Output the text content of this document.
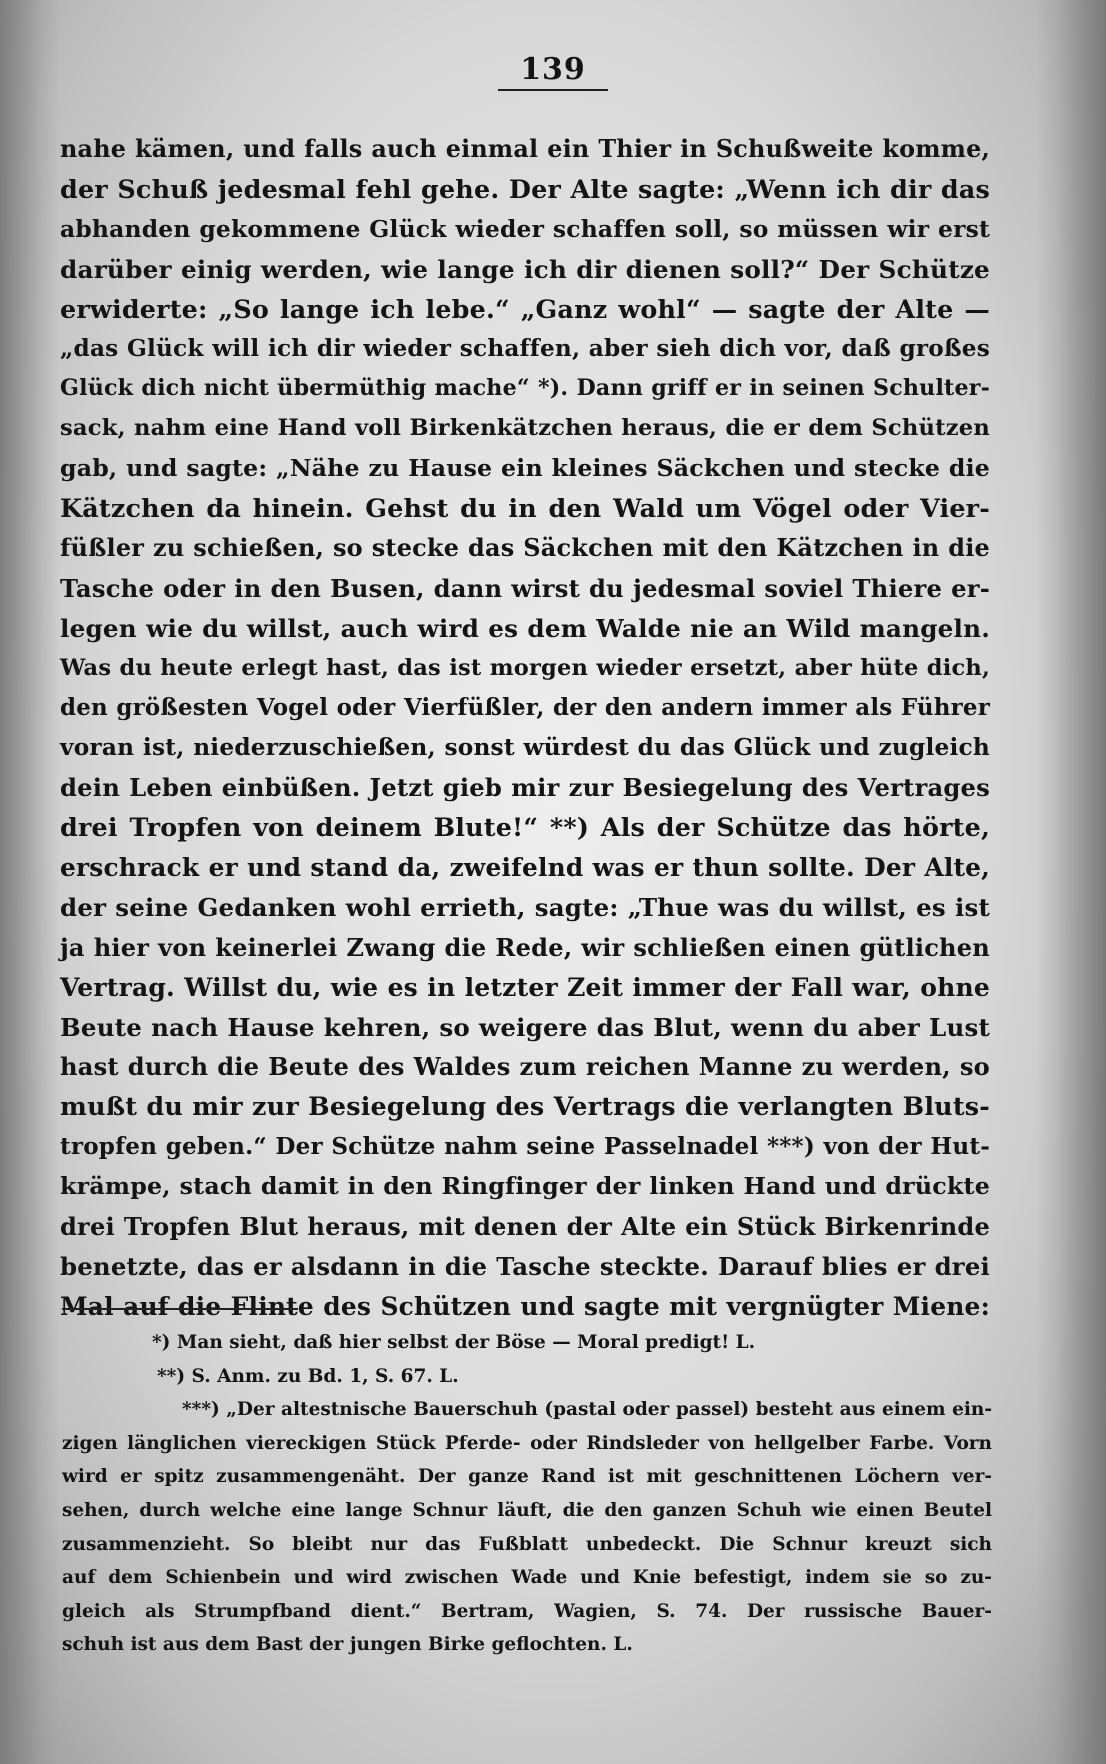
139
nahe kämen, und falls auch einmal ein Thier in Schußweite komme,
der Schuß jedesmal fehl gehe. Der Alte sagte: „Wenn ich dir das
abhanden gekommene Glück wieder schaffen soll, so müssen wir erst
darüber einig werden, wie lange ich dir dienen soll?“ Der Schütze
erwiderte: „So lange ich lebe.“ „Ganz wohl“ — sagte der Alte —
„das Glück will ich dir wieder schaffen, aber sieh dich vor, daß großes
Glück dich nicht übermüthig mache“ *). Dann griff er in seinen Schulter-
sack, nahm eine Hand voll Birkenkätzchen heraus, die er dem Schützen
gab, und sagte: „Nähe zu Hause ein kleines Säckchen und stecke die
Kätzchen da hinein. Gehst du in den Wald um Vögel oder Vier-
füßler zu schießen, so stecke das Säckchen mit den Kätzchen in die
Tasche oder in den Busen, dann wirst du jedesmal soviel Thiere er-
legen wie du willst, auch wird es dem Walde nie an Wild mangeln.
Was du heute erlegt hast, das ist morgen wieder ersetzt, aber hüte dich,
den größesten Vogel oder Vierfüßler, der den andern immer als Führer
voran ist, niederzuschießen, sonst würdest du das Glück und zugleich
dein Leben einbüßen. Jetzt gieb mir zur Besiegelung des Vertrages
drei Tropfen von deinem Blute!“ **) Als der Schütze das hörte,
erschrack er und stand da, zweifelnd was er thun sollte. Der Alte,
der seine Gedanken wohl errieth, sagte: „Thue was du willst, es ist
ja hier von keinerlei Zwang die Rede, wir schließen einen gütlichen
Vertrag. Willst du, wie es in letzter Zeit immer der Fall war, ohne
Beute nach Hause kehren, so weigere das Blut, wenn du aber Lust
hast durch die Beute des Waldes zum reichen Manne zu werden, so
mußt du mir zur Besiegelung des Vertrags die verlangten Bluts-
tropfen geben.“ Der Schütze nahm seine Passelnadel ***) von der Hut-
krämpe, stach damit in den Ringfinger der linken Hand und drückte
drei Tropfen Blut heraus, mit denen der Alte ein Stück Birkenrinde
benetzte, das er alsdann in die Tasche steckte. Darauf blies er drei
Mal auf die Flinte des Schützen und sagte mit vergnügter Miene:
*) Man sieht, daß hier selbst der Böse — Moral predigt! L.
**) S. Anm. zu Bd. 1, S. 67. L.
***) „Der altestnische Bauerschuh (pastal oder passel) besteht aus einem ein-
zigen länglichen viereckigen Stück Pferde- oder Rindsleder von hellgelber Farbe. Vorn
wird er spitz zusammengenäht. Der ganze Rand ist mit geschnittenen Löchern ver-
sehen, durch welche eine lange Schnur läuft, die den ganzen Schuh wie einen Beutel
zusammenzieht. So bleibt nur das Fußblatt unbedeckt. Die Schnur kreuzt sich
auf dem Schienbein und wird zwischen Wade und Knie befestigt, indem sie so zu-
gleich als Strumpfband dient.“ Bertram, Wagien, S. 74. Der russische Bauer-
schuh ist aus dem Bast der jungen Birke geflochten. L.
